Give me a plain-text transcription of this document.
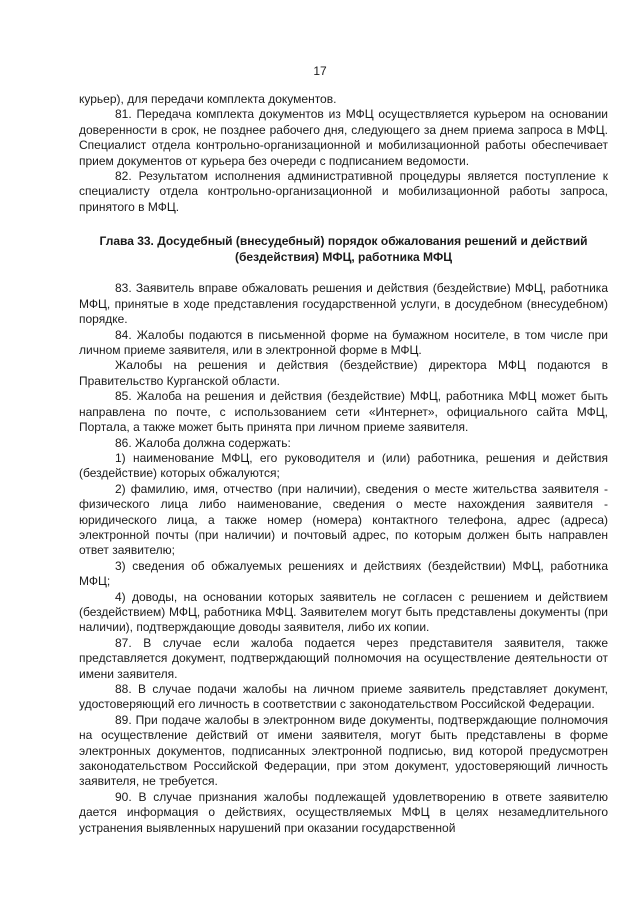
17

курьер), для передачи комплекта документов.

81. Передача комплекта документов из МФЦ осуществляется курьером на основании доверенности в срок, не позднее рабочего дня, следующего за днем приема запроса в МФЦ. Специалист отдела контрольно-организационной и мобилизационной работы обеспечивает прием документов от курьера без очереди с подписанием ведомости.

82. Результатом исполнения административной процедуры является поступление к специалисту отдела контрольно-организационной и мобилизационной работы запроса, принятого в МФЦ.

Глава 33. Досудебный (внесудебный) порядок обжалования решений и действий (бездействия) МФЦ, работника МФЦ

83. Заявитель вправе обжаловать решения и действия (бездействие) МФЦ, работника МФЦ, принятые в ходе представления государственной услуги, в досудебном (внесудебном) порядке.

84. Жалобы подаются в письменной форме на бумажном носителе, в том числе при личном приеме заявителя, или в электронной форме в МФЦ.

Жалобы на решения и действия (бездействие) директора МФЦ подаются в Правительство Курганской области.

85. Жалоба на решения и действия (бездействие) МФЦ, работника МФЦ может быть направлена по почте, с использованием сети «Интернет», официального сайта МФЦ, Портала, а также может быть принята при личном приеме заявителя.

86. Жалоба должна содержать:

1) наименование МФЦ, его руководителя и (или) работника, решения и действия (бездействие) которых обжалуются;

2) фамилию, имя, отчество (при наличии), сведения о месте жительства заявителя - физического лица либо наименование, сведения о месте нахождения заявителя - юридического лица, а также номер (номера) контактного телефона, адрес (адреса) электронной почты (при наличии) и почтовый адрес, по которым должен быть направлен ответ заявителю;

3) сведения об обжалуемых решениях и действиях (бездействии) МФЦ, работника МФЦ;

4) доводы, на основании которых заявитель не согласен с решением и действием (бездействием) МФЦ, работника МФЦ. Заявителем могут быть представлены документы (при наличии), подтверждающие доводы заявителя, либо их копии.

87. В случае если жалоба подается через представителя заявителя, также представляется документ, подтверждающий полномочия на осуществление деятельности от имени заявителя.

88. В случае подачи жалобы на личном приеме заявитель представляет документ, удостоверяющий его личность в соответствии с законодательством Российской Федерации.

89. При подаче жалобы в электронном виде документы, подтверждающие полномочия на осуществление действий от имени заявителя, могут быть представлены в форме электронных документов, подписанных электронной подписью, вид которой предусмотрен законодательством Российской Федерации, при этом документ, удостоверяющий личность заявителя, не требуется.

90. В случае признания жалобы подлежащей удовлетворению в ответе заявителю дается информация о действиях, осуществляемых МФЦ в целях незамедлительного устранения выявленных нарушений при оказании государственной
